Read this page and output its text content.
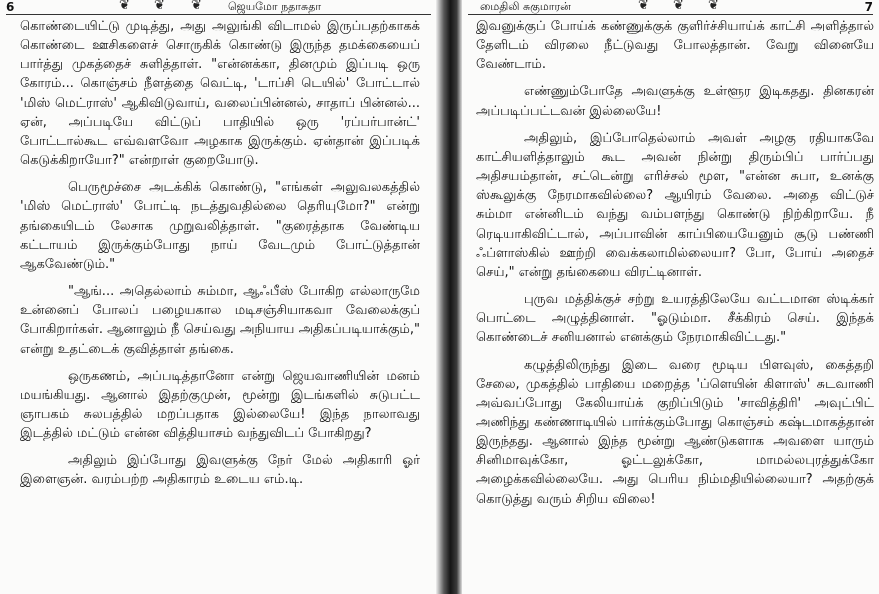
6	❦ ❦ ❦ ஜெயமோ நதாசுதா

கொண்டையிட்டு முடித்து, அது அலுங்கி விடாமல் இருப்பதற்காகக் கொண்டை ஊசிகளைச் சொருகிக் கொண்டு இருந்த தமக்கையைப் பார்த்து முகத்தைச் சுளித்தாள். "என்னக்கா, தினமும் இப்படி ஒரு கோரம்... கொஞ்சம் நீளத்தை வெட்டி, 'டாப்சி டெயில்' போட்டால் 'மிஸ் மெட்ராஸ்' ஆகிவிடுவாய், வலைப்பின்னல், சாதாப் பின்னல்... ஏன், அப்படியே விட்டுப் பாதியில் ஒரு 'ரப்பர்பான்ட்' போட்டால்கூட எவ்வளவோ அழகாக இருக்கும். ஏன்தான் இப்படிக் கெடுக்கிறாயோ?" என்றாள் குறையோடு.

பெருமூச்சை அடக்கிக் கொண்டு, "எங்கள் அலுவலகத்தில் 'மிஸ் மெட்ராஸ்' போட்டி நடத்துவதில்லை தெரியுமோ?" என்று தங்கையிடம் லேசாக முறுவலித்தாள். "குரைத்தாக வேண்டிய கட்டாயம் இருக்கும்போது நாய் வேடமும் போட்டுத்தான் ஆகவேண்டும்."

"ஆங்... அதெல்லாம் சும்மா, ஆஃபீஸ் போகிற எல்லாருமே உன்னைப் போலப் பழையகால மடிசஞ்சியாகவா வேலைக்குப் போகிறார்கள். ஆனாலும் நீ செய்வது அநியாய அதிகப்படியாக்கும்," என்று உதட்டைக் குவித்தாள் தங்கை.

ஒருகணம், அப்படித்தானோ என்று ஜெயவாணியின் மனம் மயங்கியது. ஆனால் இதற்குமுன், மூன்று இடங்களில் சுடுபட்ட ஞாபகம் சுலபத்தில் மறப்பதாக இல்லையே! இந்த நாலாவது இடத்தில் மட்டும் என்ன வித்தியாசம் வந்துவிடப் போகிறது?

அதிலும் இப்போது இவளுக்கு நேர் மேல் அதிகாரி ஓர் இளைஞன். வரம்பற்ற அதிகாரம் உடைய எம்.டி.

மைதிலி சுகுமாரன்	❦ ❦ ❦	7

இவனுக்குப் போய்க் கண்ணுக்குக் குளிர்ச்சியாய்க் காட்சி அளித்தால் தேளிடம் விரலை நீட்டுவது போலத்தான். வேறு வினையே வேண்டாம்.

எண்ணும்போதே அவளுக்கு உள்ளூர இடிகதது. தினகரன் அப்படிப்பட்டவன் இல்லையே!

அதிலும், இப்போதெல்லாம் அவள் அழகு ரதியாகவே காட்சியளித்தாலும் கூட அவன் நின்று திரும்பிப் பார்ப்பது அதிசயம்தான், சட்டென்று எரிச்சல் மூள, "என்ன சுபா, உனக்கு ஸ்கூலுக்கு நேரமாகவில்லை? ஆயிரம் வேலை. அதை விட்டுச் சும்மா என்னிடம் வந்து வம்பளந்து கொண்டு நிற்கிறாயே. நீ ரெடியாகிவிட்டால், அப்பாவின் காப்பியையேனும் சூடு பண்ணி ஃப்ளாஸ்கில் ஊற்றி வைக்கலாமில்லையா? போ, போய் அதைச் செய்," என்று தங்கையை விரட்டினாள்.

புருவ மத்திக்குச் சற்று உயரத்திலேயே வட்டமான ஸ்டிக்கர் பொட்டை அழுத்தினாள். "ஓடும்மா. சீக்கிரம் செய். இந்தக் கொண்டைச் சனியனால் எனக்கும் நேரமாகிவிட்டது."

கழுத்திலிருந்து இடை வரை மூடிய பிளவுஸ், கைத்தறி சேலை, முகத்தில் பாதியை மறைத்த 'ப்ளெயின் கிளாஸ்' சுடவாணி அவ்வப்போது கேலியாய்க் குறிப்பிடும் 'சாவித்திரி' அவுட்பிட் அணிந்து கண்ணாடியில் பார்க்கும்போது கொஞ்சம் கஷ்டமாகத்தான் இருந்தது. ஆனால் இந்த மூன்று ஆண்டுகளாக அவளை யாரும் சினிமாவுக்கோ, ஓட்டலுக்கோ, மாமல்லபுரத்துக்கோ அழைக்கவில்லையே. அது பெரிய நிம்மதியில்லையா? அதற்குக் கொடுத்து வரும் சிறிய விலை!
